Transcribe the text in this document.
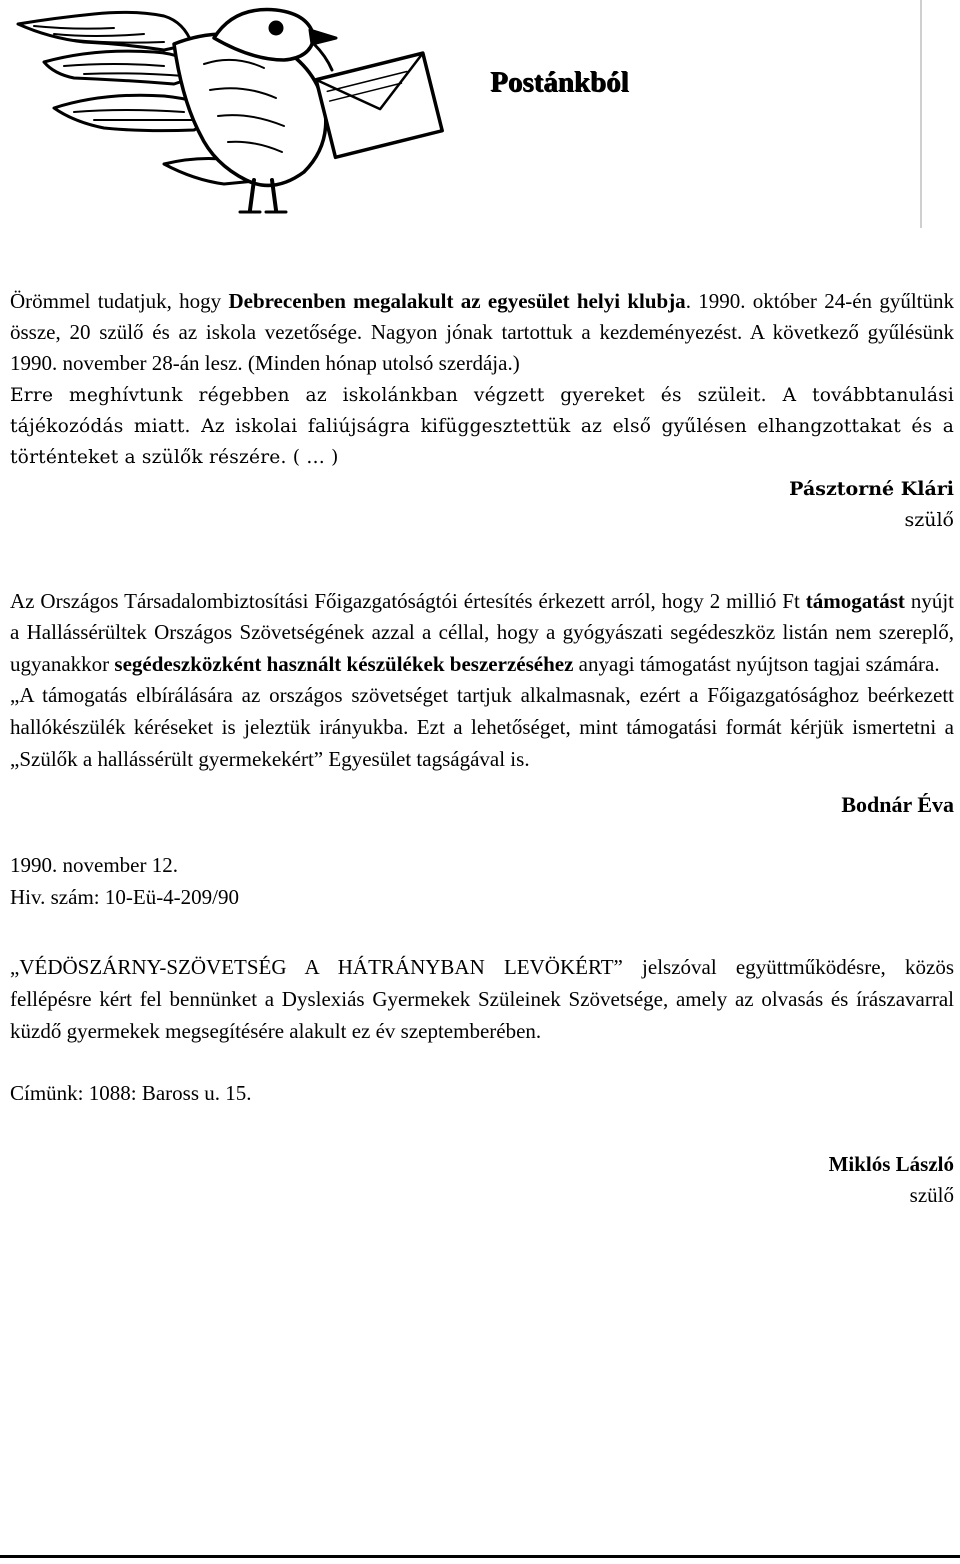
Postánkból

Örömmel tudatjuk, hogy Debrecenben megalakult az egyesület helyi klubja. 1990. október 24-én gyűltünk össze, 20 szülő és az iskola vezetősége. Nagyon jónak tartottuk a kezdeményezést. A következő gyűlésünk 1990. november 28-án lesz. (Minden hónap utolsó szerdája.)

Erre meghívtunk régebben az iskolánkban végzett gyereket és szüleit. A továbbtanulási tájékozódás miatt. Az iskolai faliújságra kifüggesztettük az első gyűlésen elhangzottakat és a történteket a szülők részére. ( … )

Pásztorné Klári
szülő

Az Országos Társadalombiztosítási Főigazgatóságtói értesítés érkezett arról, hogy 2 millió Ft támogatást nyújt a Hallássérültek Országos Szövetségének azzal a céllal, hogy a gyógyászati segédeszköz listán nem szereplő, ugyanakkor segédeszközként használt készülékek beszerzéséhez anyagi támogatást nyújtson tagjai számára.

„A támogatás elbírálására az országos szövetséget tartjuk alkalmasnak, ezért a Főigazgatósághoz beérkezett hallókészülék kéréseket is jeleztük irányukba. Ezt a lehetőséget, mint támogatási formát kérjük ismertetni a „Szülők a hallássérült gyermekekért” Egyesület tagságával is.

Bodnár Éva
1990. november 12.
Hiv. szám: 10-Eü-4-209/90

„VÉDÖSZÁRNY-SZÖVETSÉG A HÁTRÁNYBAN LEVÖKÉRT” jelszóval együttműködésre, közös fellépésre kért fel bennünket a Dyslexiás Gyermekek Szüleinek Szövetsége, amely az olvasás és írászavarral küzdő gyermekek megsegítésére alakult ez év szeptemberében.

Címünk: 1088: Baross u. 15.
Miklós László
szülő
